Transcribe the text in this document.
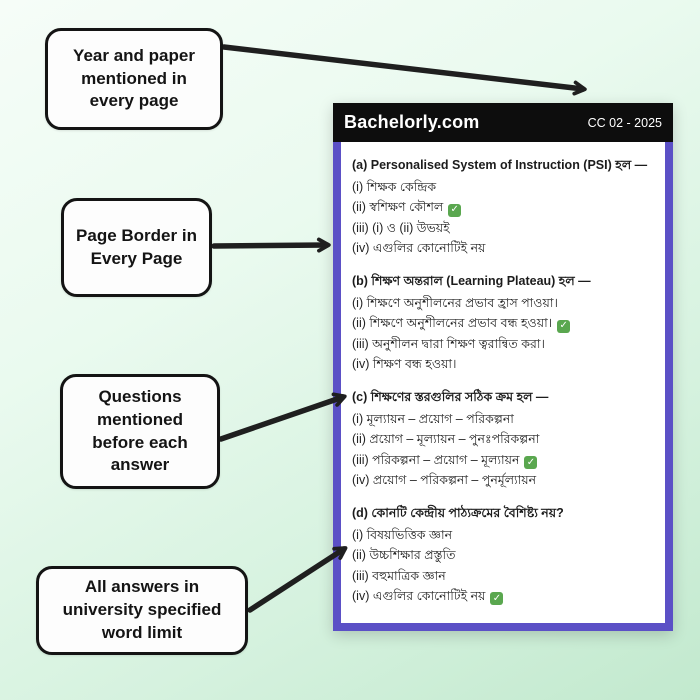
Year and paper mentioned in every page
Page Border in Every Page
Questions mentioned before each answer
All answers in university specified word limit
Bachelorly.com	CC 02 - 2025
(a) Personalised System of Instruction (PSI) হল —
(i) শিক্ষক কেন্দ্রিক
(ii) স্বশিক্ষণ কৌশল ✓
(iii) (i) ও (ii) উভয়ই
(iv) এগুলির কোনোটিই নয়
(b) শিক্ষণ অন্তরাল (Learning Plateau) হল —
(i) শিক্ষণে অনুশীলনের প্রভাব হ্রাস পাওয়া।
(ii) শিক্ষণে অনুশীলনের প্রভাব বন্ধ হওয়া। ✓
(iii) অনুশীলন দ্বারা শিক্ষণ ত্বরান্বিত করা।
(iv) শিক্ষণ বন্ধ হওয়া।
(c) শিক্ষণের স্তরগুলির সঠিক ক্রম হল —
(i) মূল্যায়ন – প্রয়োগ – পরিকল্পনা
(ii) প্রয়োগ – মূল্যায়ন – পুনঃপরিকল্পনা
(iii) পরিকল্পনা – প্রয়োগ – মূল্যায়ন ✓
(iv) প্রয়োগ – পরিকল্পনা – পুনর্মূল্যায়ন
(d) কোনটি কেন্দ্রীয় পাঠ্যক্রমের বৈশিষ্ট্য নয়?
(i) বিষয়ভিত্তিক জ্ঞান
(ii) উচ্চশিক্ষার প্রস্তুতি
(iii) বহুমাত্রিক জ্ঞান
(iv) এগুলির কোনোটিই নয় ✓
